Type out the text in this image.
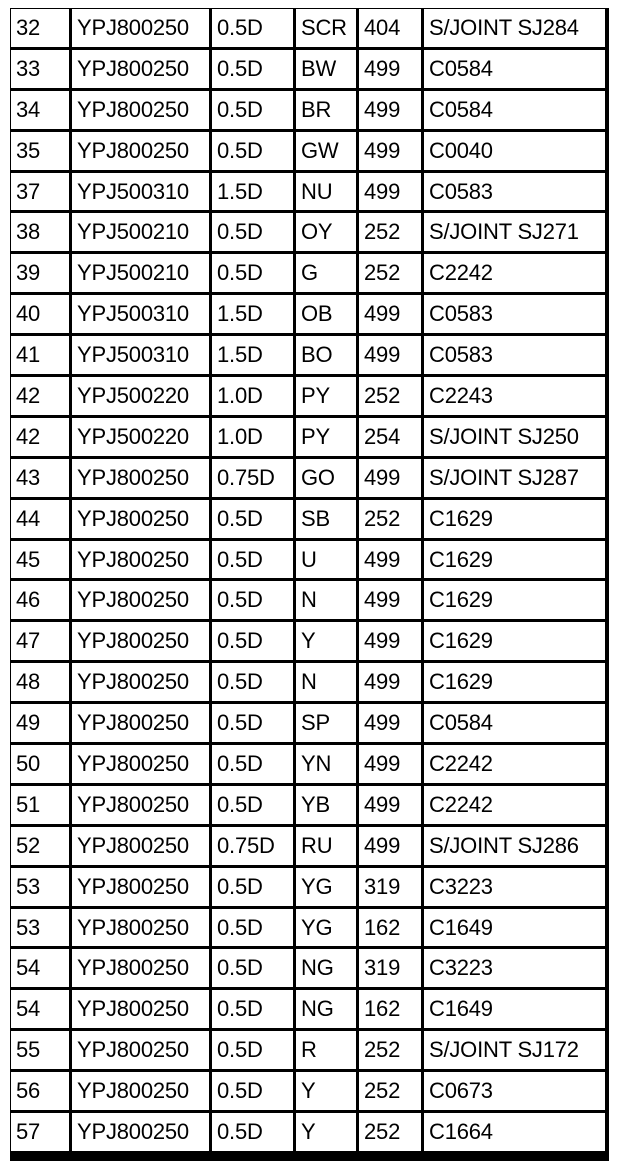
32	YPJ800250	0.5D	SCR	404	S/JOINT SJ284
33	YPJ800250	0.5D	BW	499	C0584
34	YPJ800250	0.5D	BR	499	C0584
35	YPJ800250	0.5D	GW	499	C0040
37	YPJ500310	1.5D	NU	499	C0583
38	YPJ500210	0.5D	OY	252	S/JOINT SJ271
39	YPJ500210	0.5D	G	252	C2242
40	YPJ500310	1.5D	OB	499	C0583
41	YPJ500310	1.5D	BO	499	C0583
42	YPJ500220	1.0D	PY	252	C2243
42	YPJ500220	1.0D	PY	254	S/JOINT SJ250
43	YPJ800250	0.75D	GO	499	S/JOINT SJ287
44	YPJ800250	0.5D	SB	252	C1629
45	YPJ800250	0.5D	U	499	C1629
46	YPJ800250	0.5D	N	499	C1629
47	YPJ800250	0.5D	Y	499	C1629
48	YPJ800250	0.5D	N	499	C1629
49	YPJ800250	0.5D	SP	499	C0584
50	YPJ800250	0.5D	YN	499	C2242
51	YPJ800250	0.5D	YB	499	C2242
52	YPJ800250	0.75D	RU	499	S/JOINT SJ286
53	YPJ800250	0.5D	YG	319	C3223
53	YPJ800250	0.5D	YG	162	C1649
54	YPJ800250	0.5D	NG	319	C3223
54	YPJ800250	0.5D	NG	162	C1649
55	YPJ800250	0.5D	R	252	S/JOINT SJ172
56	YPJ800250	0.5D	Y	252	C0673
57	YPJ800250	0.5D	Y	252	C1664
